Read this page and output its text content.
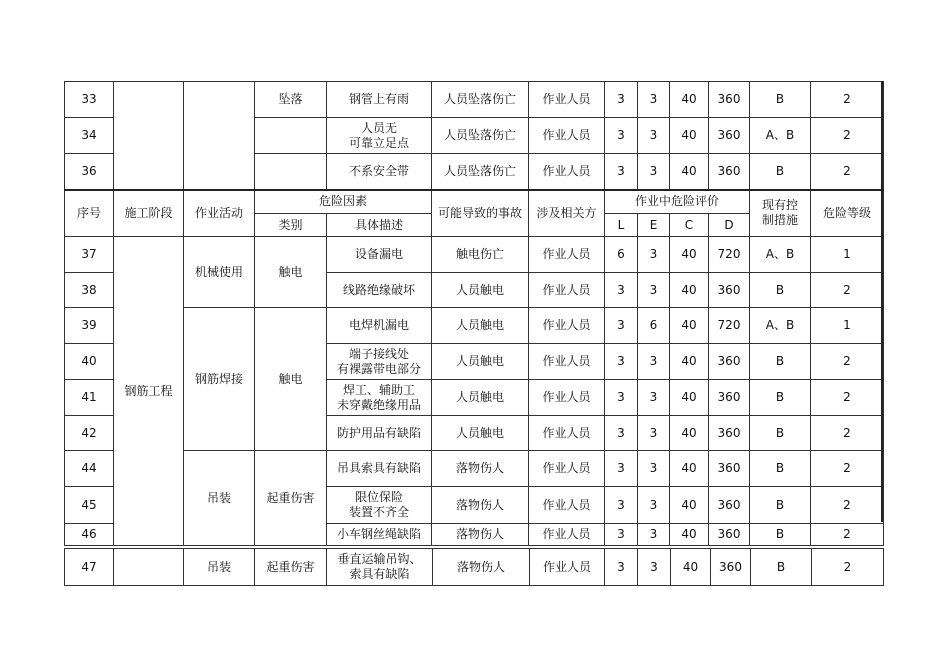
33			坠落	钢管上有雨	人员坠落伤亡	作业人员	3	3	40	360	B	2
34				人员无
可靠立足点	人员坠落伤亡	作业人员	3	3	40	360	A、B	2
36				不系安全带	人员坠落伤亡	作业人员	3	3	40	360	B	2
序号	施工阶段	作业活动	危险因素		可能导致的事故	涉及相关方	作业中危险评价				现有控
制措施	危险等级
			类别	具体描述			L	E	C	D		
37	钢筋工程	机械使用	触电	设备漏电	触电伤亡	作业人员	6	3	40	720	A、B	1
38				线路绝缘破坏	人员触电	作业人员	3	3	40	360	B	2
39		钢筋焊接	触电	电焊机漏电	人员触电	作业人员	3	6	40	720	A、B	1
40				端子接线处
有裸露带电部分	人员触电	作业人员	3	3	40	360	B	2
41				焊工、辅助工
未穿戴绝缘用品	人员触电	作业人员	3	3	40	360	B	2
42				防护用品有缺陷	人员触电	作业人员	3	3	40	360	B	2
44		吊装	起重伤害	吊具索具有缺陷	落物伤人	作业人员	3	3	40	360	B	2
45				限位保险
装置不齐全	落物伤人	作业人员	3	3	40	360	B	2
46				小车钢丝绳缺陷	落物伤人	作业人员	3	3	40	360	B	2
47		吊装	起重伤害	垂直运输吊钩、
索具有缺陷	落物伤人	作业人员	3	3	40	360	B	2
